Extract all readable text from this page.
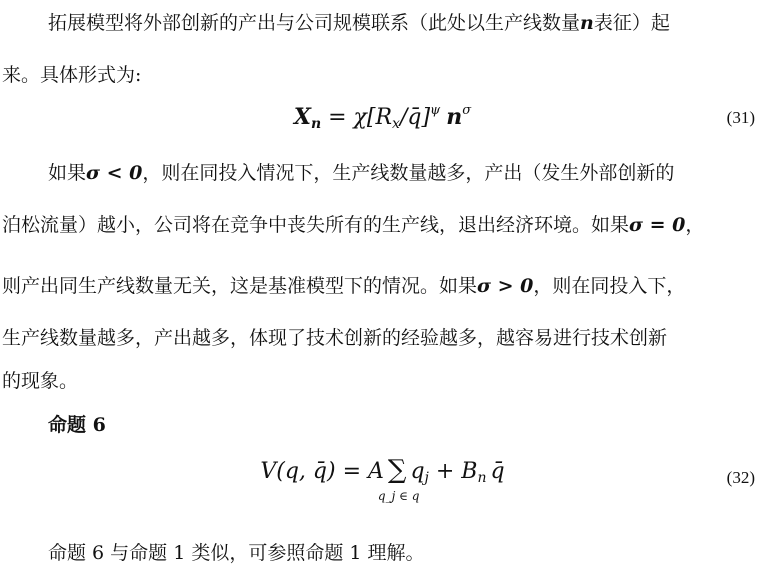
拓展模型将外部创新的产出与公司规模联系（此处以生产线数量n表征）起
来。具体形式为:
$X_n$ = $\chi[R_x/q̄]^\psi$ $n^\sigma$	(31)
如果σ < 0，则在同投入情况下，生产线数量越多，产出（发生外部创新的
泊松流量）越小，公司将在竞争中丧失所有的生产线，退出经济环境。如果σ = 0，
则产出同生产线数量无关，这是基准模型下的情况。如果σ > 0，则在同投入下，
生产线数量越多，产出越多，体现了技术创新的经验越多，越容易进行技术创新
的现象。
命题 6
V(q, q̄) = A ∑
q_j ∈ q
$q_j + B_n$ q̄	(32)
命题 6 与命题 1 类似，可参照命题 1 理解。
